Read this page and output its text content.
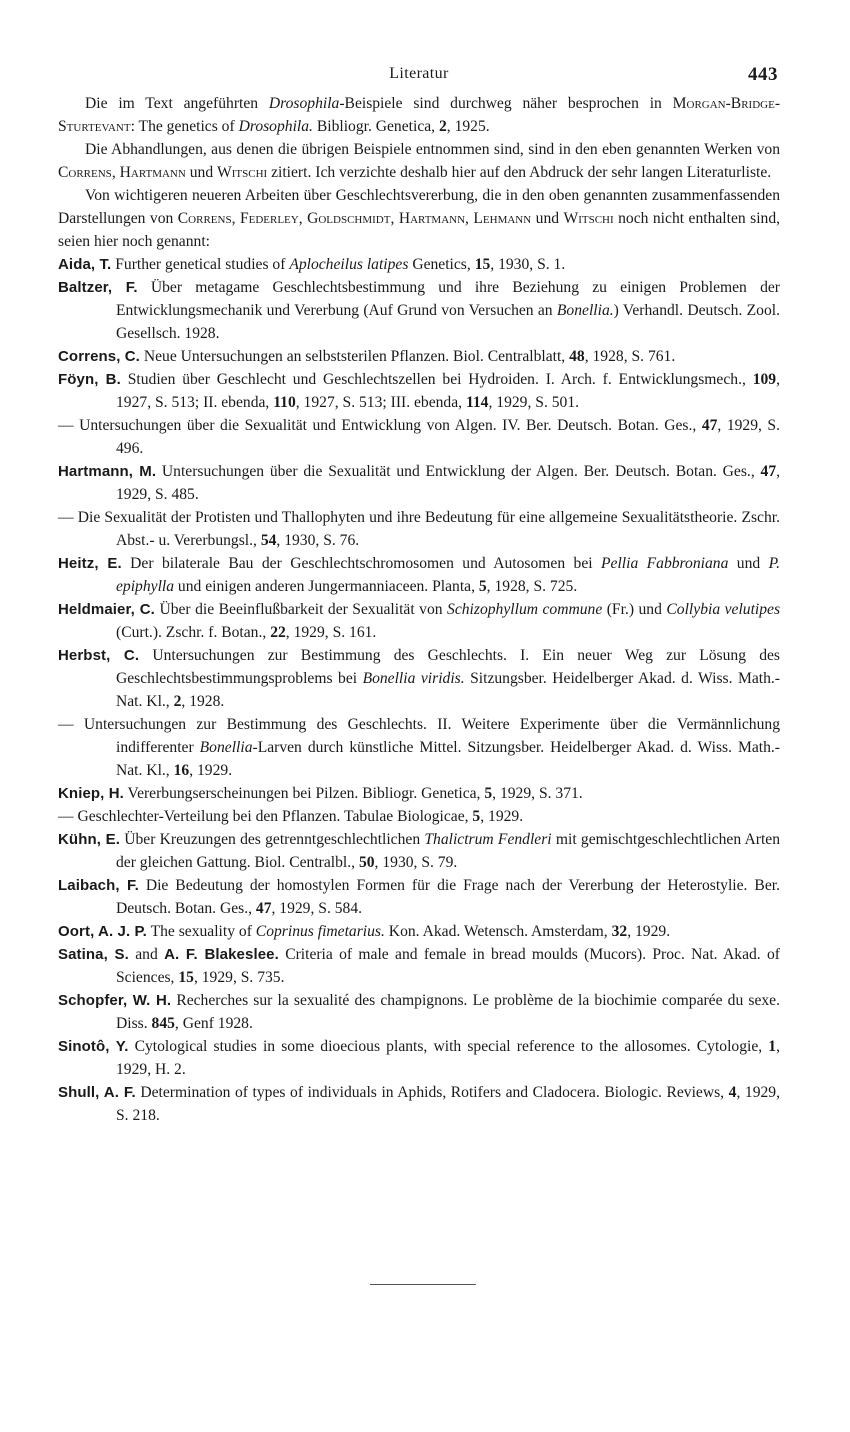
Literatur	443

Die im Text angeführten Drosophila-Beispiele sind durchweg näher besprochen in Morgan-Bridge-Sturtevant: The genetics of Drosophila. Bibliogr. Genetica, 2, 1925.

Die Abhandlungen, aus denen die übrigen Beispiele entnommen sind, sind in den eben genannten Werken von Correns, Hartmann und Witschi zitiert. Ich verzichte deshalb hier auf den Abdruck der sehr langen Literaturliste.

Von wichtigeren neueren Arbeiten über Geschlechtsvererbung, die in den oben genannten zusammenfassenden Darstellungen von Correns, Federley, Goldschmidt, Hartmann, Lehmann und Witschi noch nicht enthalten sind, seien hier noch genannt:

Aida, T. Further genetical studies of Aplocheilus latipes Genetics, 15, 1930, S. 1.

Baltzer, F. Über metagame Geschlechtsbestimmung und ihre Beziehung zu einigen Problemen der Entwicklungsmechanik und Vererbung (Auf Grund von Versuchen an Bonellia.) Verhandl. Deutsch. Zool. Gesellsch. 1928.

Correns, C. Neue Untersuchungen an selbststerilen Pflanzen. Biol. Centralblatt, 48, 1928, S. 761.

Föyn, B. Studien über Geschlecht und Geschlechtszellen bei Hydroiden. I. Arch. f. Entwicklungsmech., 109, 1927, S. 513; II. ebenda, 110, 1927, S. 513; III. ebenda, 114, 1929, S. 501.

— Untersuchungen über die Sexualität und Entwicklung von Algen. IV. Ber. Deutsch. Botan. Ges., 47, 1929, S. 496.

Hartmann, M. Untersuchungen über die Sexualität und Entwicklung der Algen. Ber. Deutsch. Botan. Ges., 47, 1929, S. 485.

— Die Sexualität der Protisten und Thallophyten und ihre Bedeutung für eine allgemeine Sexualitätstheorie. Zschr. Abst.- u. Vererbungsl., 54, 1930, S. 76.

Heitz, E. Der bilaterale Bau der Geschlechtschromosomen und Autosomen bei Pellia Fabbroniana und P. epiphylla und einigen anderen Jungermanniaceen. Planta, 5, 1928, S. 725.

Heldmaier, C. Über die Beeinflußbarkeit der Sexualität von Schizophyllum commune (Fr.) und Collybia velutipes (Curt.). Zschr. f. Botan., 22, 1929, S. 161.

Herbst, C. Untersuchungen zur Bestimmung des Geschlechts. I. Ein neuer Weg zur Lösung des Geschlechtsbestimmungsproblems bei Bonellia viridis. Sitzungsber. Heidelberger Akad. d. Wiss. Math.-Nat. Kl., 2, 1928.

— Untersuchungen zur Bestimmung des Geschlechts. II. Weitere Experimente über die Vermännlichung indifferenter Bonellia-Larven durch künstliche Mittel. Sitzungsber. Heidelberger Akad. d. Wiss. Math.-Nat. Kl., 16, 1929.

Kniep, H. Vererbungserscheinungen bei Pilzen. Bibliogr. Genetica, 5, 1929, S. 371.

— Geschlechter-Verteilung bei den Pflanzen. Tabulae Biologicae, 5, 1929.

Kühn, E. Über Kreuzungen des getrenntgeschlechtlichen Thalictrum Fendleri mit gemischtgeschlechtlichen Arten der gleichen Gattung. Biol. Centralbl., 50, 1930, S. 79.

Laibach, F. Die Bedeutung der homostylen Formen für die Frage nach der Vererbung der Heterostylie. Ber. Deutsch. Botan. Ges., 47, 1929, S. 584.

Oort, A. J. P. The sexuality of Coprinus fimetarius. Kon. Akad. Wetensch. Amsterdam, 32, 1929.

Satina, S. and A. F. Blakeslee. Criteria of male and female in bread moulds (Mucors). Proc. Nat. Akad. of Sciences, 15, 1929, S. 735.

Schopfer, W. H. Recherches sur la sexualité des champignons. Le problème de la biochimie comparée du sexe. Diss. 845, Genf 1928.

Sinotô, Y. Cytological studies in some dioecious plants, with special reference to the allosomes. Cytologie, 1, 1929, H. 2.

Shull, A. F. Determination of types of individuals in Aphids, Rotifers and Cladocera. Biologic. Reviews, 4, 1929, S. 218.
